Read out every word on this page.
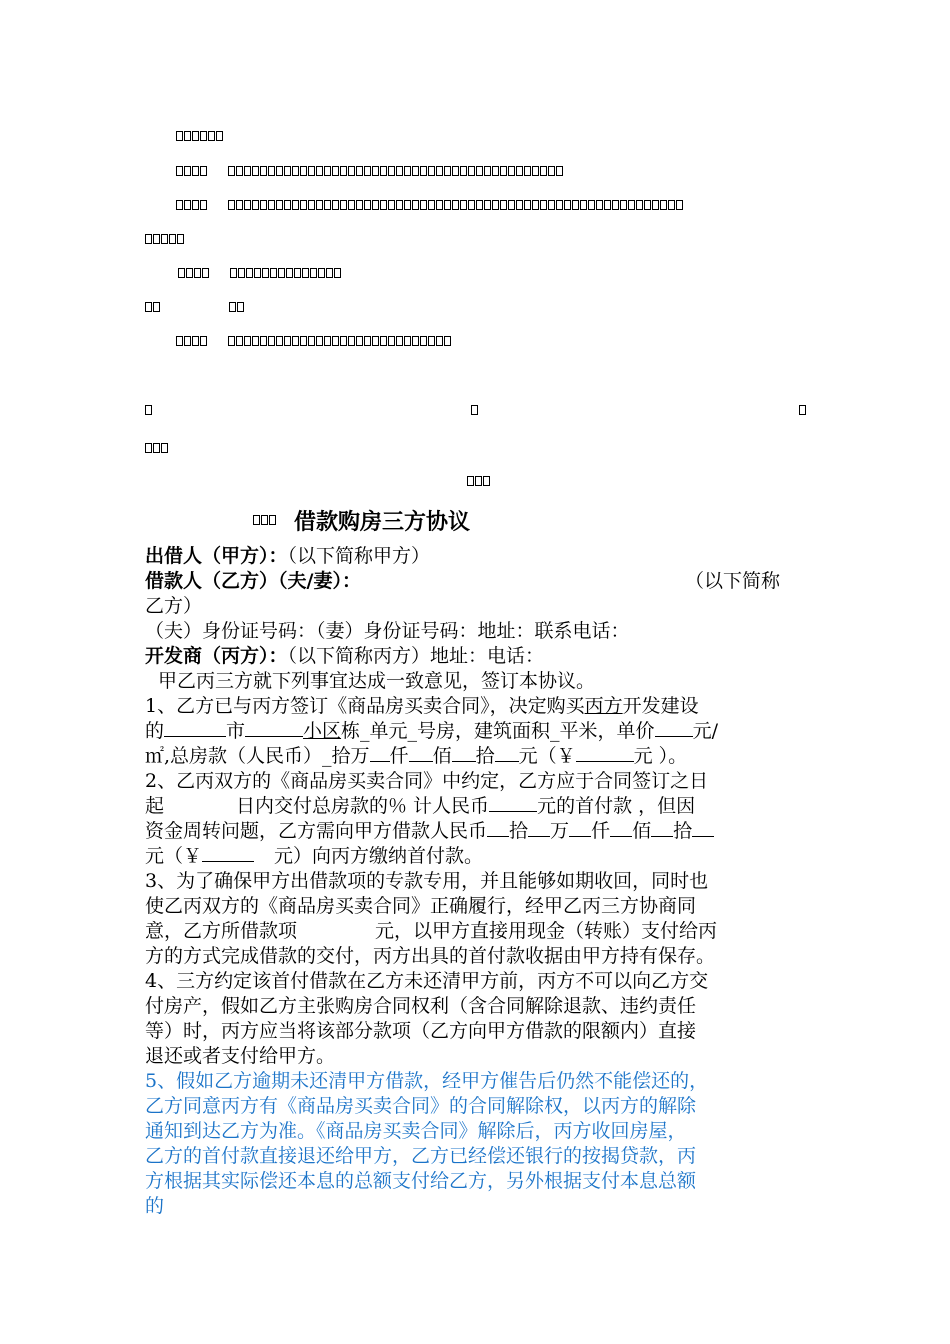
借款购房三方协议
出借人（甲方）：（以下简称甲方）
借款人（乙方）（夫/妻）：	（以下简称
乙方）
（夫）身份证号码：（妻）身份证号码：地址：联系电话：
开发商（丙方）：（以下简称丙方）地址：电话：
甲乙丙三方就下列事宜达成一致意见，签订本协议。
1、乙方已与丙方签订《商品房买卖合同》，决定购买丙方开发建设
的	市	小区栋_单元_号房，建筑面积_平米，单价 元/
㎡,总房款（人民币）_拾万 仟 佰 拾 元（￥	元 ）。
2、乙丙双方的《商品房买卖合同》中约定，乙方应于合同签订之日
起	日内交付总房款的％ 计人民币	元的首付款 ，但因
资金周转问题，乙方需向甲方借款人民币 拾 万 仟 佰 拾
元（￥	元）向丙方缴纳首付款。
3、为了确保甲方出借款项的专款专用，并且能够如期收回，同时也
使乙丙双方的《商品房买卖合同》正确履行，经甲乙丙三方协商同
意，乙方所借款项	元，以甲方直接用现金（转账）支付给丙
方的方式完成借款的交付，丙方出具的首付款收据由甲方持有保存。
4、三方约定该首付借款在乙方未还清甲方前，丙方不可以向乙方交
付房产，假如乙方主张购房合同权利（含合同解除退款、违约责任
等）时，丙方应当将该部分款项（乙方向甲方借款的限额内）直接
退还或者支付给甲方。
5、假如乙方逾期未还清甲方借款，经甲方催告后仍然不能偿还的，
乙方同意丙方有《商品房买卖合同》的合同解除权，以丙方的解除
通知到达乙方为准。《商品房买卖合同》解除后，丙方收回房屋，
乙方的首付款直接退还给甲方，乙方已经偿还银行的按揭贷款，丙
方根据其实际偿还本息的总额支付给乙方，另外根据支付本息总额
的
